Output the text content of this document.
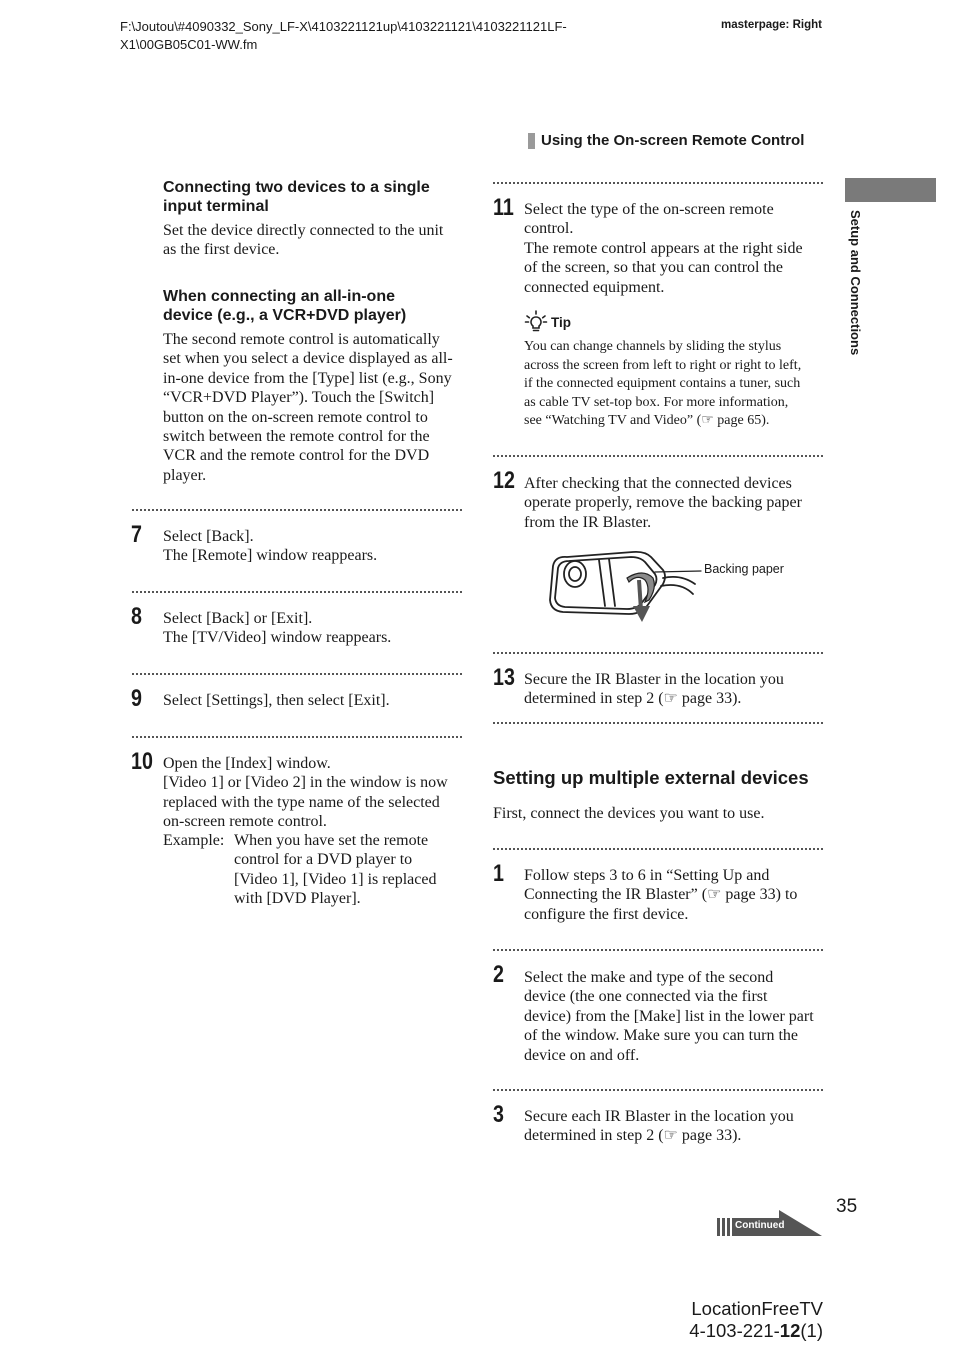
F:\Joutou\#4090332_Sony_LF-X\4103221121up\4103221121\4103221121LF-
X1\00GB05C01-WW.fm
masterpage: Right
Using the On-screen Remote Control
Setup and Connections
Connecting two devices to a single
input terminal
Set the device directly connected to the unit
as the first device.
When connecting an all-in-one
device (e.g., a VCR+DVD player)
The second remote control is automatically
set when you select a device displayed as all-
in-one device from the [Type] list (e.g., Sony
“VCR+DVD Player”). Touch the [Switch]
button on the on-screen remote control to
switch between the remote control for the
VCR and the remote control for the DVD
player.
7 Select [Back].
The [Remote] window reappears.
8 Select [Back] or [Exit].
The [TV/Video] window reappears.
9 Select [Settings], then select [Exit].
10 Open the [Index] window.
[Video 1] or [Video 2] in the window is now
replaced with the type name of the selected
on-screen remote control.
Example: When you have set the remote
control for a DVD player to
[Video 1], [Video 1] is replaced
with [DVD Player].
11 Select the type of the on-screen remote
control.
The remote control appears at the right side
of the screen, so that you can control the
connected equipment.
Tip
You can change channels by sliding the stylus
across the screen from left to right or right to left,
if the connected equipment contains a tuner, such
as cable TV set-top box. For more information,
see “Watching TV and Video” (☞ page 65).
12 After checking that the connected devices
operate properly, remove the backing paper
from the IR Blaster.
Backing paper
13 Secure the IR Blaster in the location you
determined in step 2 (☞ page 33).
Setting up multiple external devices
First, connect the devices you want to use.
1 Follow steps 3 to 6 in “Setting Up and
Connecting the IR Blaster” (☞ page 33) to
configure the first device.
2 Select the make and type of the second
device (the one connected via the first
device) from the [Make] list in the lower part
of the window. Make sure you can turn the
device on and off.
3 Secure each IR Blaster in the location you
determined in step 2 (☞ page 33).
35
Continued
LocationFreeTV
4-103-221-12(1)
